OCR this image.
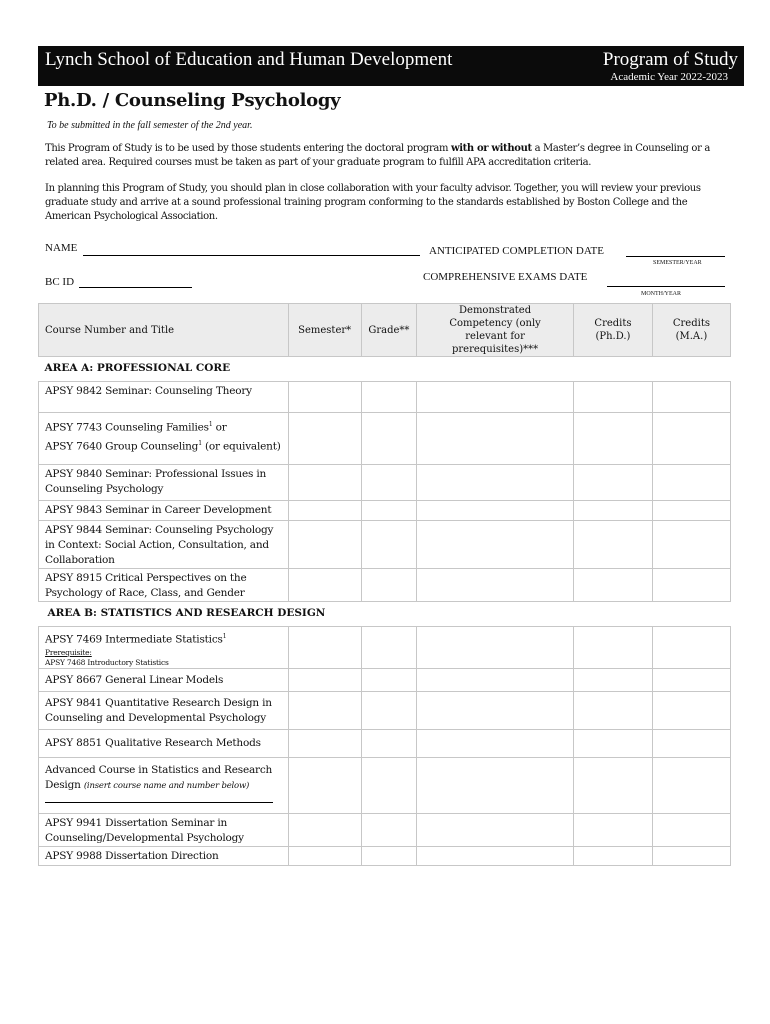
Lynch School of Education and Human Development	Program of Study
Academic Year 2022-2023
Ph.D. / Counseling Psychology
To be submitted in the fall semester of the 2nd year.
This Program of Study is to be used by those students entering the doctoral program with or without a Master’s degree in Counseling or a related area. Required courses must be taken as part of your graduate program to fulfill APA accreditation criteria.
In planning this Program of Study, you should plan in close collaboration with your faculty advisor. Together, you will review your previous graduate study and arrive at a sound professional training program conforming to the standards established by Boston College and the American Psychological Association.
NAME	ANTICIPATED COMPLETION DATE
SEMESTER/YEAR
BC ID	COMPREHENSIVE EXAMS DATE
MONTH/YEAR
Course Number and Title	Semester*	Grade**	Demonstrated Competency (only relevant for prerequisites)***	Credits (Ph.D.)	Credits (M.A.)
AREA A: PROFESSIONAL CORE					
APSY 9842 Seminar: Counseling Theory					
APSY 7743 Counseling Families$^1$ or
APSY 7640 Group Counseling$^1$ (or equivalent)					
APSY 9840 Seminar: Professional Issues in Counseling Psychology					
APSY 9843 Seminar in Career Development					
APSY 9844 Seminar: Counseling Psychology in Context: Social Action, Consultation, and Collaboration					
APSY 8915 Critical Perspectives on the Psychology of Race, Class, and Gender					
AREA B: STATISTICS AND RESEARCH DESIGN					
APSY 7469 Intermediate Statistics$^1$
Prerequisite:
APSY 7468 Introductory Statistics					

APSY 8667 General Linear Models					
APSY 9841 Quantitative Research Design in Counseling and Developmental Psychology					
APSY 8851 Qualitative Research Methods					
Advanced Course in Statistics and Research Design (insert course name and number below)

APSY 9941 Dissertation Seminar in Counseling/Developmental Psychology					
APSY 9988 Dissertation Direction					
